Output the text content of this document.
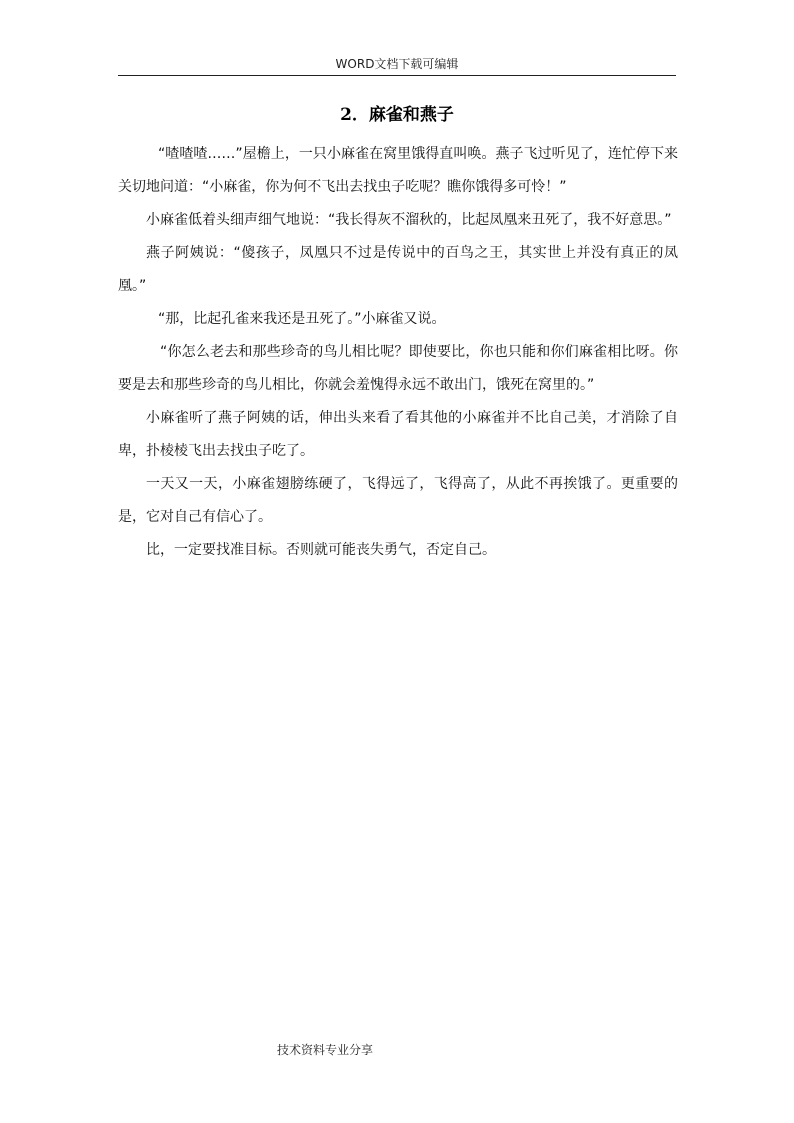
WORD文档下载可编辑
2．麻雀和燕子

“喳喳喳……”屋檐上，一只小麻雀在窝里饿得直叫唤。燕子飞过听见了，连忙停下来关切地问道：“小麻雀，你为何不飞出去找虫子吃呢？瞧你饿得多可怜！”

小麻雀低着头细声细气地说：“我长得灰不溜秋的，比起凤凰来丑死了，我不好意思。”

燕子阿姨说：“傻孩子，凤凰只不过是传说中的百鸟之王，其实世上并没有真正的凤凰。”

“那，比起孔雀来我还是丑死了。”小麻雀又说。

“你怎么老去和那些珍奇的鸟儿相比呢？即使要比，你也只能和你们麻雀相比呀。你要是去和那些珍奇的鸟儿相比，你就会羞愧得永远不敢出门，饿死在窝里的。”

小麻雀听了燕子阿姨的话，伸出头来看了看其他的小麻雀并不比自己美，才消除了自卑，扑棱棱飞出去找虫子吃了。

一天又一天，小麻雀翅膀练硬了，飞得远了，飞得高了，从此不再挨饿了。更重要的是，它对自己有信心了。

比，一定要找准目标。否则就可能丧失勇气，否定自己。

技术资料专业分享
